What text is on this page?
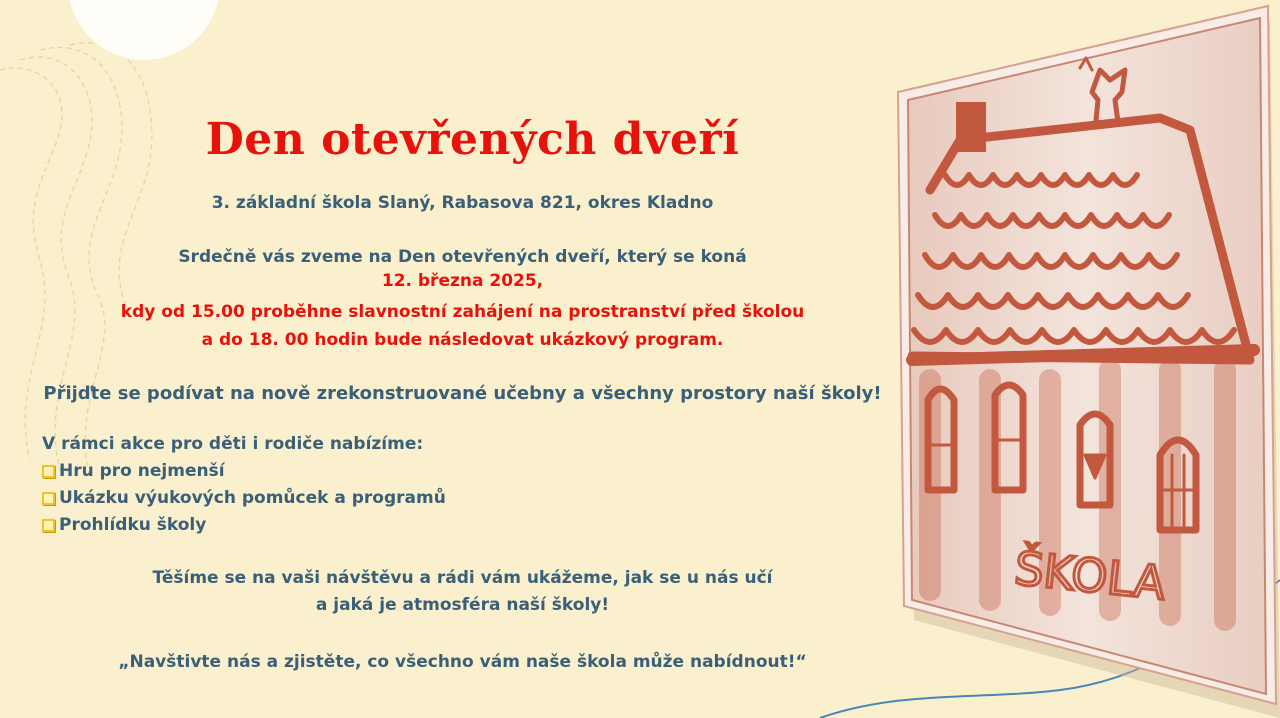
Den otevřených dveří
3. základní škola Slaný, Rabasova 821, okres Kladno
Srdečně vás zveme na Den otevřených dveří, který se koná
12. března 2025,
kdy od 15.00 proběhne slavnostní zahájení na prostranství před školou
a do 18. 00 hodin bude následovat ukázkový program.
Přijďte se podívat na nově zrekonstruované učebny a všechny prostory naší školy!
V rámci akce pro děti i rodiče nabízíme:
Hru pro nejmenší
Ukázku výukových pomůcek a programů
Prohlídku školy
Těšíme se na vaši návštěvu a rádi vám ukážeme, jak se u nás učí
a jaká je atmosféra naší školy!
„Navštivte nás a zjistěte, co všechno vám naše škola může nabídnout!“
ŠKOLA
